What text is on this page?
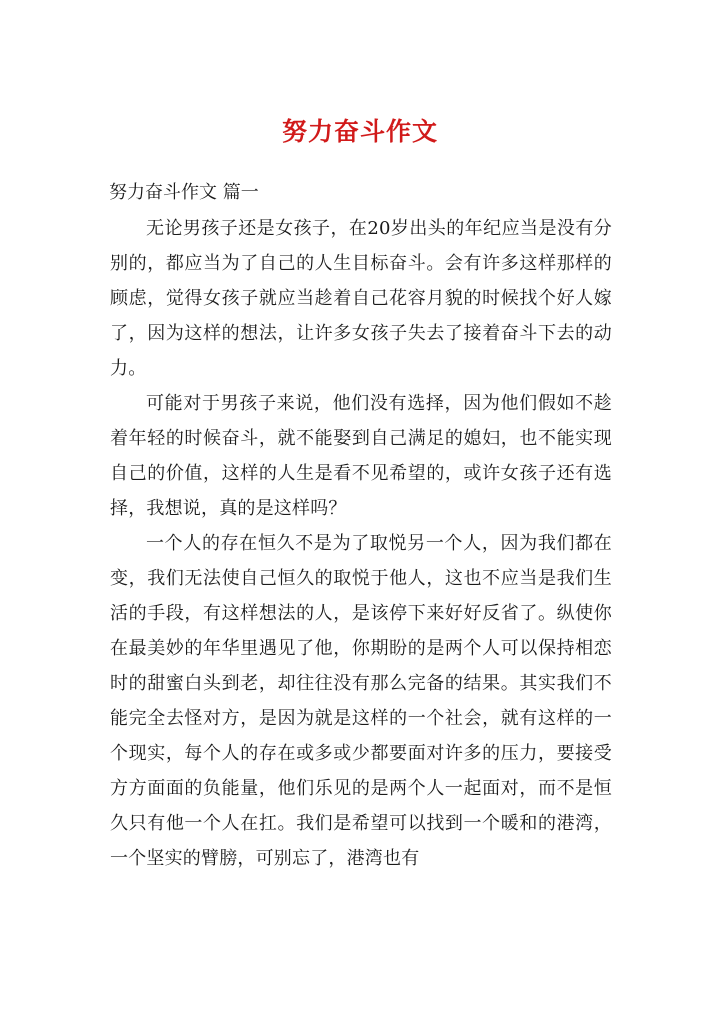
努力奋斗作文
努力奋斗作文 篇一

无论男孩子还是女孩子，在20岁出头的年纪应当是没有分别的，都应当为了自己的人生目标奋斗。会有许多这样那样的顾虑，觉得女孩子就应当趁着自己花容月貌的时候找个好人嫁了，因为这样的想法，让许多女孩子失去了接着奋斗下去的动力。

可能对于男孩子来说，他们没有选择，因为他们假如不趁着年轻的时候奋斗，就不能娶到自己满足的媳妇，也不能实现自己的价值，这样的人生是看不见希望的，或许女孩子还有选择，我想说，真的是这样吗？

一个人的存在恒久不是为了取悦另一个人，因为我们都在变，我们无法使自己恒久的取悦于他人，这也不应当是我们生活的手段，有这样想法的人，是该停下来好好反省了。纵使你在最美妙的年华里遇见了他，你期盼的是两个人可以保持相恋时的甜蜜白头到老，却往往没有那么完备的结果。其实我们不能完全去怪对方，是因为就是这样的一个社会，就有这样的一个现实，每个人的存在或多或少都要面对许多的压力，要接受方方面面的负能量，他们乐见的是两个人一起面对，而不是恒久只有他一个人在扛。我们是希望可以找到一个暖和的港湾，一个坚实的臂膀，可别忘了，港湾也有
